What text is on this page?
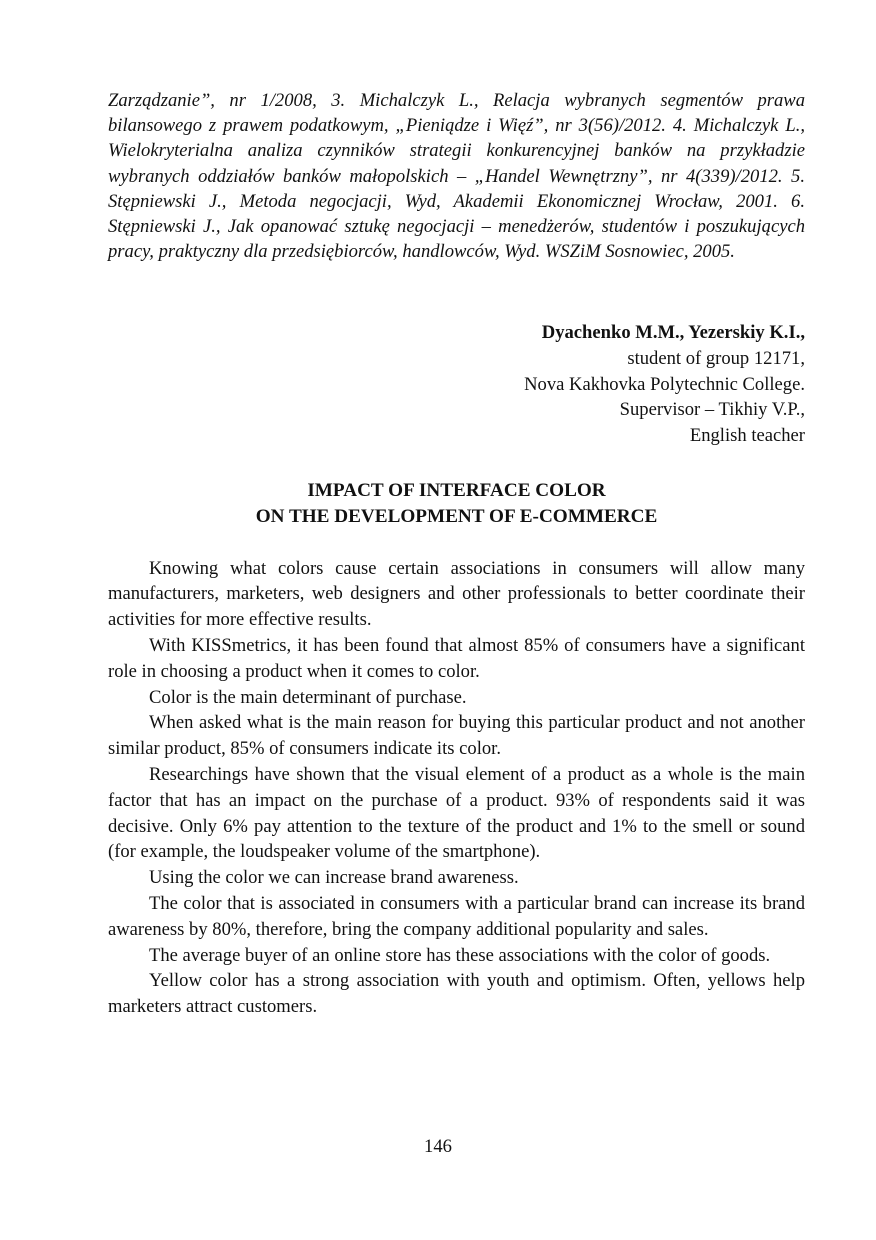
Zarządzanie”, nr 1/2008, 3. Michalczyk L., Relacja wybranych segmentów prawa bilansowego z prawem podatkowym, „Pieniądze i Więź”, nr 3(56)/2012. 4. Michalczyk L., Wielokryterialna analiza czynników strategii konkurencyjnej banków na przykładzie wybranych oddziałów banków małopolskich – „Handel Wewnętrzny”, nr 4(339)/2012. 5. Stępniewski J., Metoda negocjacji, Wyd, Akademii Ekonomicznej Wrocław, 2001. 6. Stępniewski J., Jak opanować sztukę negocjacji – menedżerów, studentów i poszukujących pracy, praktyczny dla przedsiębiorców, handlowców, Wyd. WSZiM Sosnowiec, 2005.

Dyachenko M.M., Yezerskiy K.I.,
student of group 12171,
Nova Kakhovka Polytechnic College.
Supervisor – Tikhiy V.P.,
English teacher
IMPACT OF INTERFACE COLOR
ON THE DEVELOPMENT OF E-COMMERCE

Knowing what colors cause certain associations in consumers will allow many manufacturers, marketers, web designers and other professionals to better coordinate their activities for more effective results.

With KISSmetrics, it has been found that almost 85% of consumers have a significant role in choosing a product when it comes to color.

Color is the main determinant of purchase.

When asked what is the main reason for buying this particular product and not another similar product, 85% of consumers indicate its color.

Researchings have shown that the visual element of a product as a whole is the main factor that has an impact on the purchase of a product. 93% of respondents said it was decisive. Only 6% pay attention to the texture of the product and 1% to the smell or sound (for example, the loudspeaker volume of the smartphone).

Using the color we can increase brand awareness.

The color that is associated in consumers with a particular brand can increase its brand awareness by 80%, therefore, bring the company additional popularity and sales.

The average buyer of an online store has these associations with the color of goods.

Yellow color has a strong association with youth and optimism. Often, yellows help marketers attract customers.

146
